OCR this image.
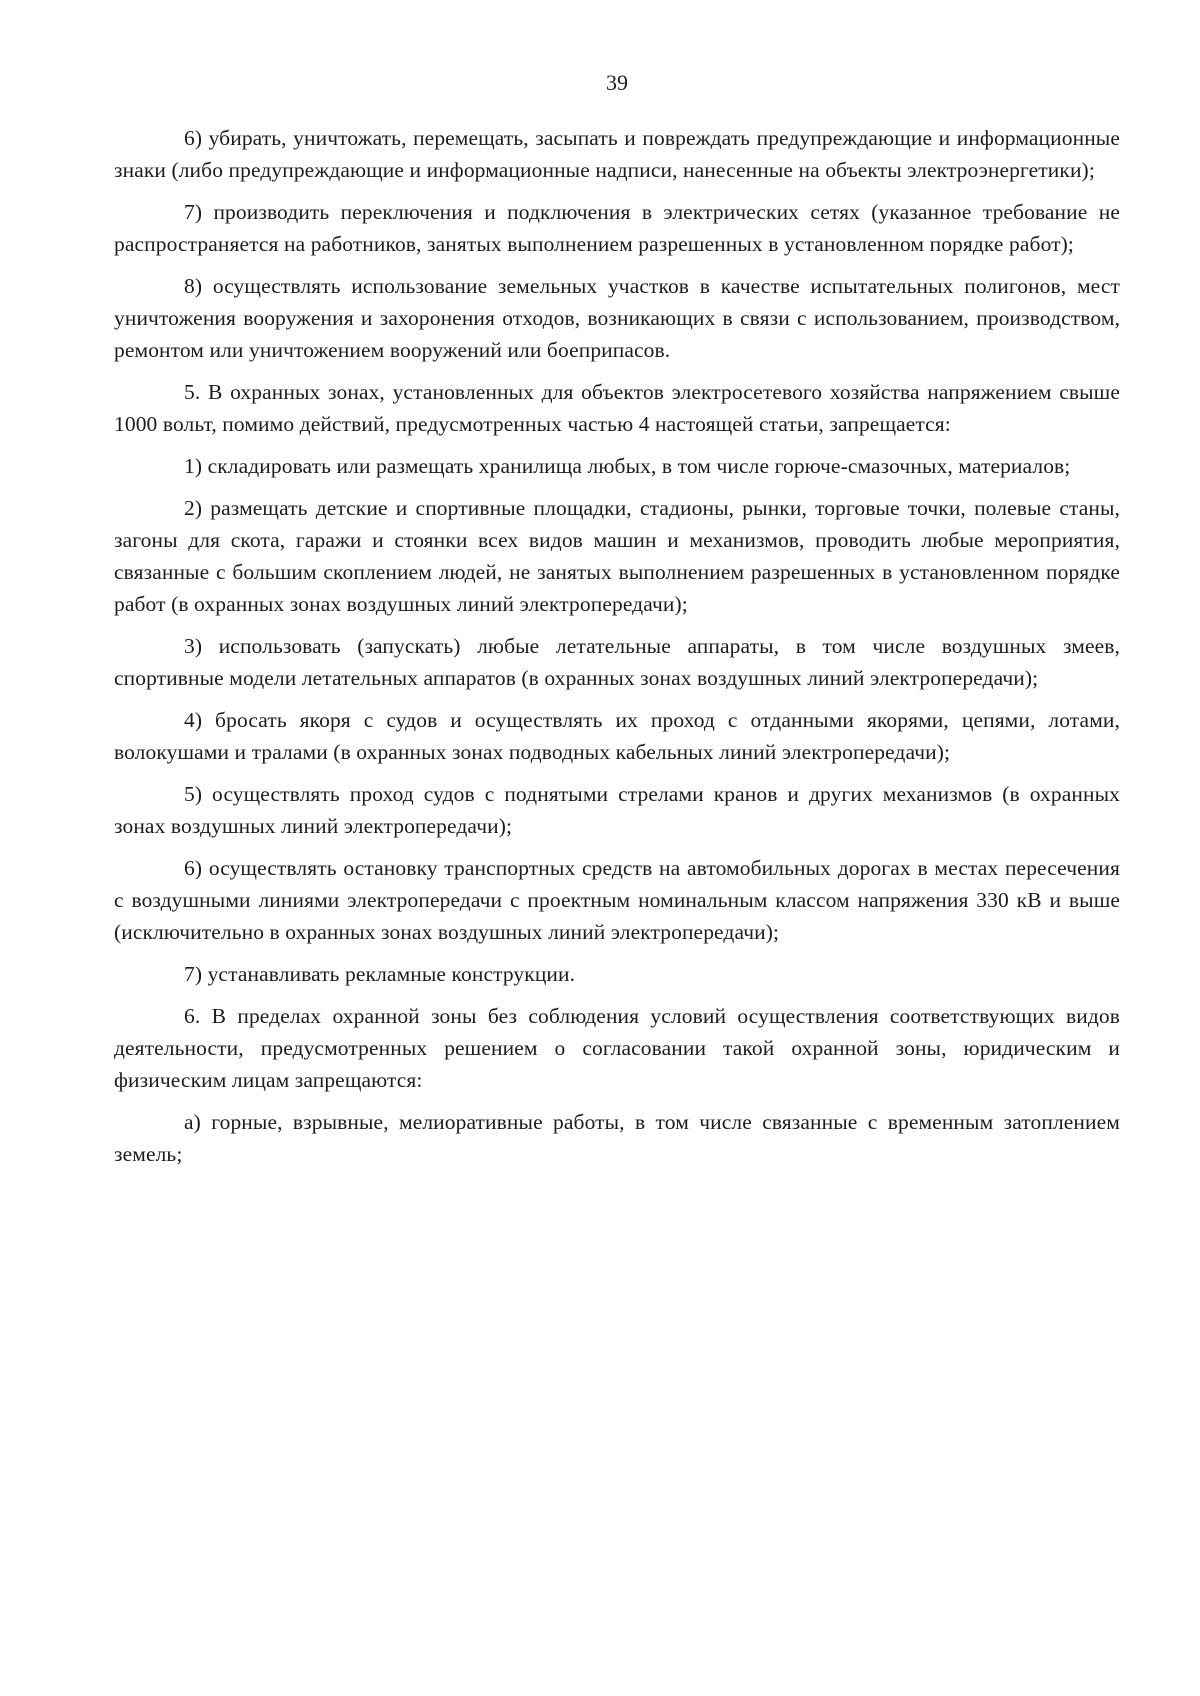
39

6) убирать, уничтожать, перемещать, засыпать и повреждать предупреждающие и информационные знаки (либо предупреждающие и информационные надписи, нанесенные на объекты электроэнергетики);

7) производить переключения и подключения в электрических сетях (указанное требование не распространяется на работников, занятых выполнением разрешенных в установленном порядке работ);

8) осуществлять использование земельных участков в качестве испытательных полигонов, мест уничтожения вооружения и захоронения отходов, возникающих в связи с использованием, производством, ремонтом или уничтожением вооружений или боеприпасов.

5. В охранных зонах, установленных для объектов электросетевого хозяйства напряжением свыше 1000 вольт, помимо действий, предусмотренных частью 4 настоящей статьи, запрещается:

1) складировать или размещать хранилища любых, в том числе горюче-смазочных, материалов;

2) размещать детские и спортивные площадки, стадионы, рынки, торговые точки, полевые станы, загоны для скота, гаражи и стоянки всех видов машин и механизмов, проводить любые мероприятия, связанные с большим скоплением людей, не занятых выполнением разрешенных в установленном порядке работ (в охранных зонах воздушных линий электропередачи);

3) использовать (запускать) любые летательные аппараты, в том числе воздушных змеев, спортивные модели летательных аппаратов (в охранных зонах воздушных линий электропередачи);

4) бросать якоря с судов и осуществлять их проход с отданными якорями, цепями, лотами, волокушами и тралами (в охранных зонах подводных кабельных линий электропередачи);

5) осуществлять проход судов с поднятыми стрелами кранов и других механизмов (в охранных зонах воздушных линий электропередачи);

6) осуществлять остановку транспортных средств на автомобильных дорогах в местах пересечения с воздушными линиями электропередачи с проектным номинальным классом напряжения 330 кВ и выше (исключительно в охранных зонах воздушных линий электропередачи);

7) устанавливать рекламные конструкции.

6. В пределах охранной зоны без соблюдения условий осуществления соответствующих видов деятельности, предусмотренных решением о согласовании такой охранной зоны, юридическим и физическим лицам запрещаются:

а) горные, взрывные, мелиоративные работы, в том числе связанные с временным затоплением земель;
